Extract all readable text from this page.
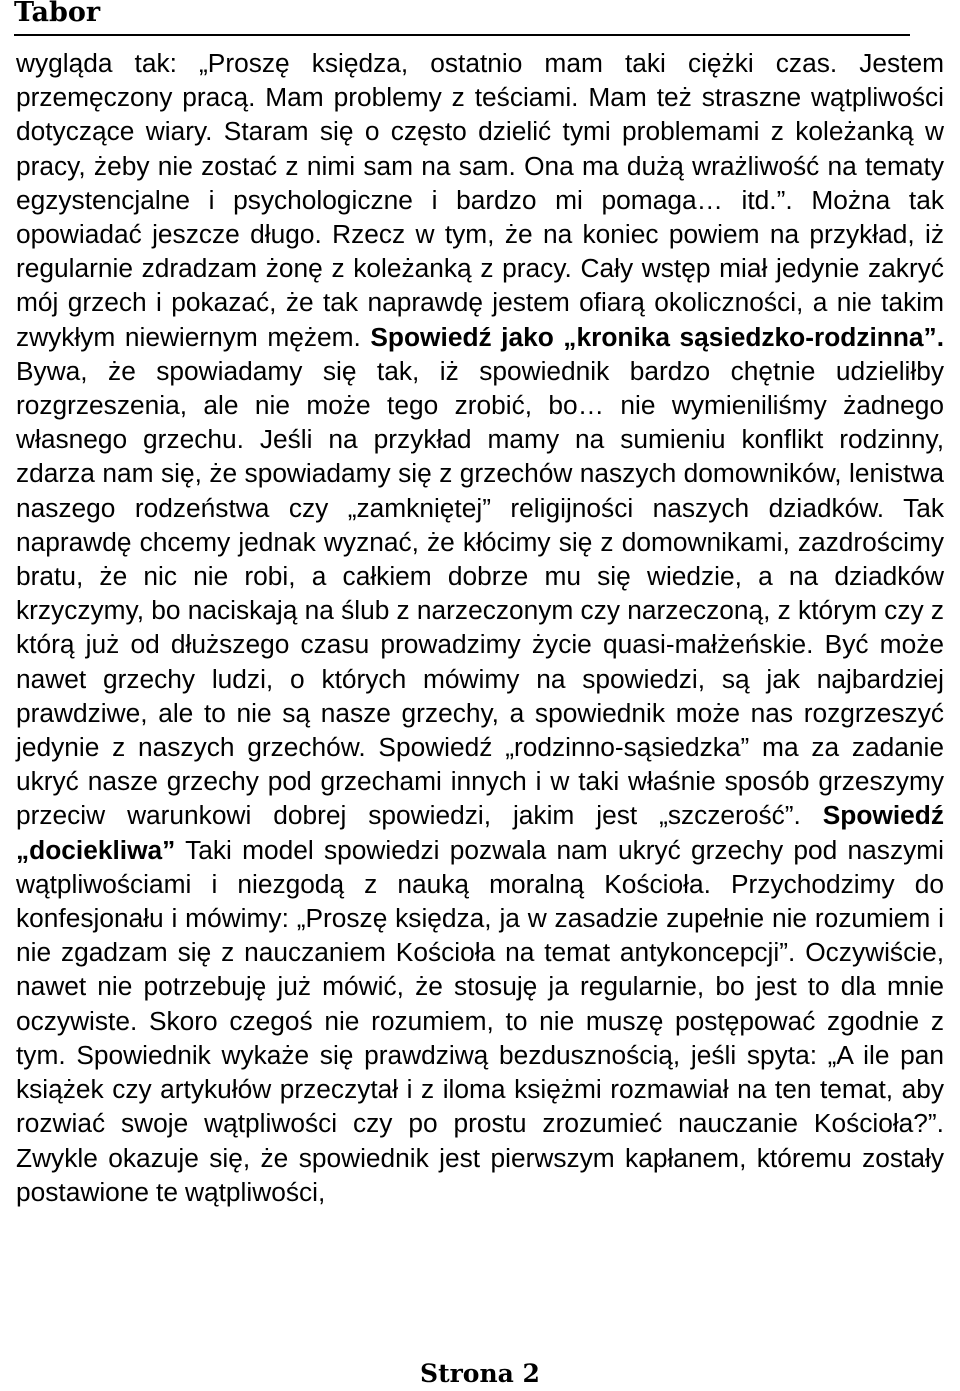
Tabor
wygląda tak: „Proszę księdza, ostatnio mam taki ciężki czas. Jestem przemęczony pracą. Mam problemy z teściami. Mam też straszne wątpliwości dotyczące wiary. Staram się o często dzielić tymi problemami z koleżanką w pracy, żeby nie zostać z nimi sam na sam. Ona ma dużą wrażliwość na tematy egzystencjalne i psychologiczne i bardzo mi pomaga… itd.”. Można tak opowiadać jeszcze długo. Rzecz w tym, że na koniec powiem na przykład, iż regularnie zdradzam żonę z koleżanką z pracy. Cały wstęp miał jedynie zakryć mój grzech i pokazać, że tak naprawdę jestem ofiarą okoliczności, a nie takim zwykłym niewiernym mężem. Spowiedź jako „kronika sąsiedzko-rodzinna”. Bywa, że spowiadamy się tak, iż spowiednik bardzo chętnie udzieliłby rozgrzeszenia, ale nie może tego zrobić, bo… nie wymieniliśmy żadnego własnego grzechu. Jeśli na przykład mamy na sumieniu konflikt rodzinny, zdarza nam się, że spowiadamy się z grzechów naszych domowników, lenistwa naszego rodzeństwa czy „zamkniętej” religijności naszych dziadków. Tak naprawdę chcemy jednak wyznać, że kłócimy się z domownikami, zazdrościmy bratu, że nic nie robi, a całkiem dobrze mu się wiedzie, a na dziadków krzyczymy, bo naciskają na ślub z narzeczonym czy narzeczoną, z którym czy z którą już od dłuższego czasu prowadzimy życie quasi-małżeńskie. Być może nawet grzechy ludzi, o których mówimy na spowiedzi, są jak najbardziej prawdziwe, ale to nie są nasze grzechy, a spowiednik może nas rozgrzeszyć jedynie z naszych grzechów. Spowiedź „rodzinno-sąsiedzka” ma za zadanie ukryć nasze grzechy pod grzechami innych i w taki właśnie sposób grzeszymy przeciw warunkowi dobrej spowiedzi, jakim jest „szczerość”. Spowiedź „dociekliwa” Taki model spowiedzi pozwala nam ukryć grzechy pod naszymi wątpliwościami i niezgodą z nauką moralną Kościoła. Przychodzimy do konfesjonału i mówimy: „Proszę księdza, ja w zasadzie zupełnie nie rozumiem i nie zgadzam się z nauczaniem Kościoła na temat antykoncepcji”. Oczywiście, nawet nie potrzebuję już mówić, że stosuję ja regularnie, bo jest to dla mnie oczywiste. Skoro czegoś nie rozumiem, to nie muszę postępować zgodnie z tym. Spowiednik wykaże się prawdziwą bezdusznością, jeśli spyta: „A ile pan książek czy artykułów przeczytał i z iloma księżmi rozmawiał na ten temat, aby rozwiać swoje wątpliwości czy po prostu zrozumieć nauczanie Kościoła?”. Zwykle okazuje się, że spowiednik jest pierwszym kapłanem, któremu zostały postawione te wątpliwości,
Strona 2
